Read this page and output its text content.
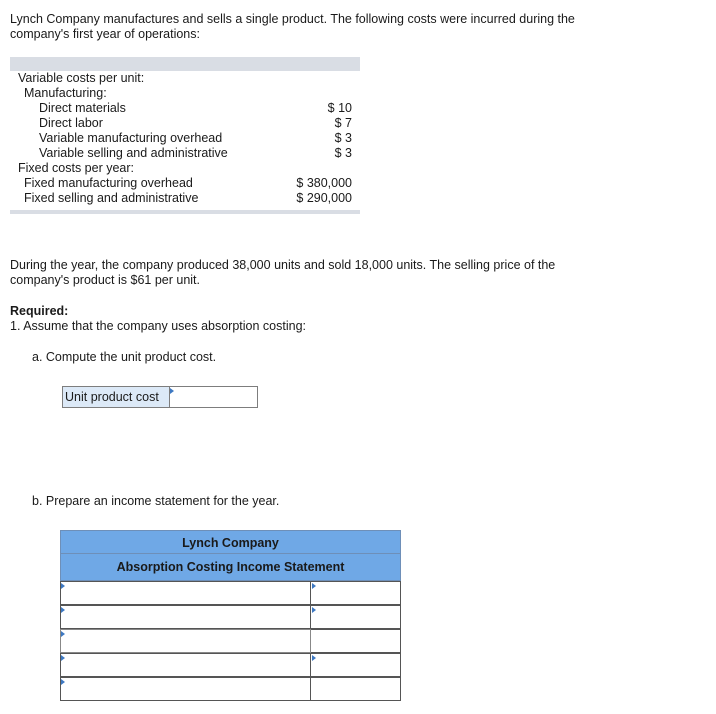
Lynch Company manufactures and sells a single product. The following costs were incurred during the

company's first year of operations:

Variable costs per unit:
Manufacturing:
Direct materials	$ 10
Direct labor	$ 7
Variable manufacturing overhead	$ 3
Variable selling and administrative	$ 3
Fixed costs per year:
Fixed manufacturing overhead	$ 380,000
Fixed selling and administrative	$ 290,000

During the year, the company produced 38,000 units and sold 18,000 units. The selling price of the

company's product is $61 per unit.

Required:
1. Assume that the company uses absorption costing:
a. Compute the unit product cost.
Unit product cost
b. Prepare an income statement for the year.
Lynch Company
Absorption Costing Income Statement
